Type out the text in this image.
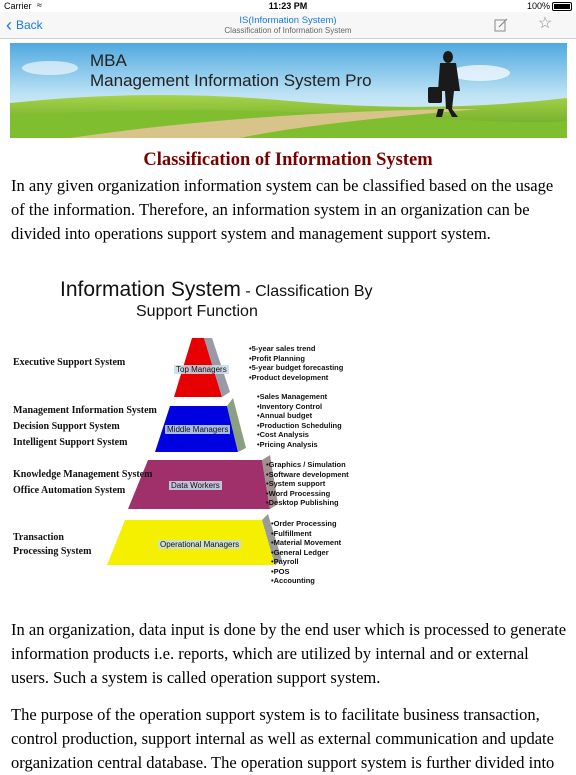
Carrier ≈	11:23 PM	100%
‹ Back	IS(Information System)
Classification of Information System	☆
MBA
Management Information System Pro
Classification of Information System

In any given organization information system can be classified based on the usage of the information. Therefore, an information system in an organization can be divided into operations support system and management support system.

Information System - Classification By
Support Function
Top Managers
Middle Managers
Data Workers
Operational Managers
Executive Support System
Management Information System
Decision Support System
Intelligent Support System
Knowledge Management System
Office Automation System
Transaction Processing System
•5-year sales trend
•Profit Planning
•5-year budget forecasting
•Product development
•Sales Management
•Inventory Control
•Annual budget
•Production Scheduling
•Cost Analysis
•Pricing Analysis
•Graphics / Simulation
•Software development
•System support
•Word Processing
•Desktop Publishing
•Order Processing
•Fulfillment
•Material Movement
•General Ledger
•Payroll
•POS
•Accounting

In an organization, data input is done by the end user which is processed to generate information products i.e. reports, which are utilized by internal and or external users. Such a system is called operation support system.

The purpose of the operation support system is to facilitate business transaction, control production, support internal as well as external communication and update organization central database. The operation support system is further divided into
